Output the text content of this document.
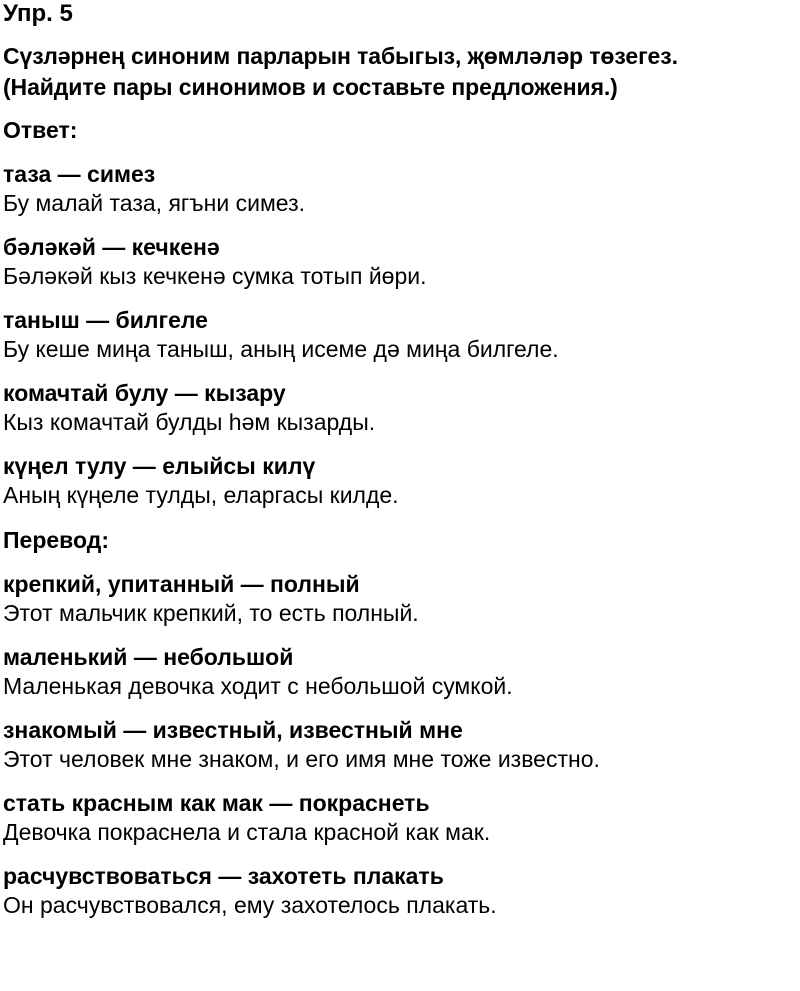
Упр. 5
Сүзләрнең синоним парларын табыгыз, җөмләләр төзегез.
(Найдите пары синонимов и составьте предложения.)
Ответ:
таза — симез
Бу малай таза, ягъни симез.
бәләкәй — кечкенә
Бәләкәй кыз кечкенә сумка тотып йөри.
таныш — билгеле
Бу кеше миңа таныш, аның исеме дә миңа билгеле.
комачтай булу — кызару
Кыз комачтай булды һәм кызарды.
күңел тулу — елыйсы килү
Аның күңеле тулды, еларгасы килде.
Перевод:
крепкий, упитанный — полный
Этот мальчик крепкий, то есть полный.
маленький — небольшой
Маленькая девочка ходит с небольшой сумкой.
знакомый — известный, известный мне
Этот человек мне знаком, и его имя мне тоже известно.
стать красным как мак — покраснеть
Девочка покраснела и стала красной как мак.
расчувствоваться — захотеть плакать
Он расчувствовался, ему захотелось плакать.
